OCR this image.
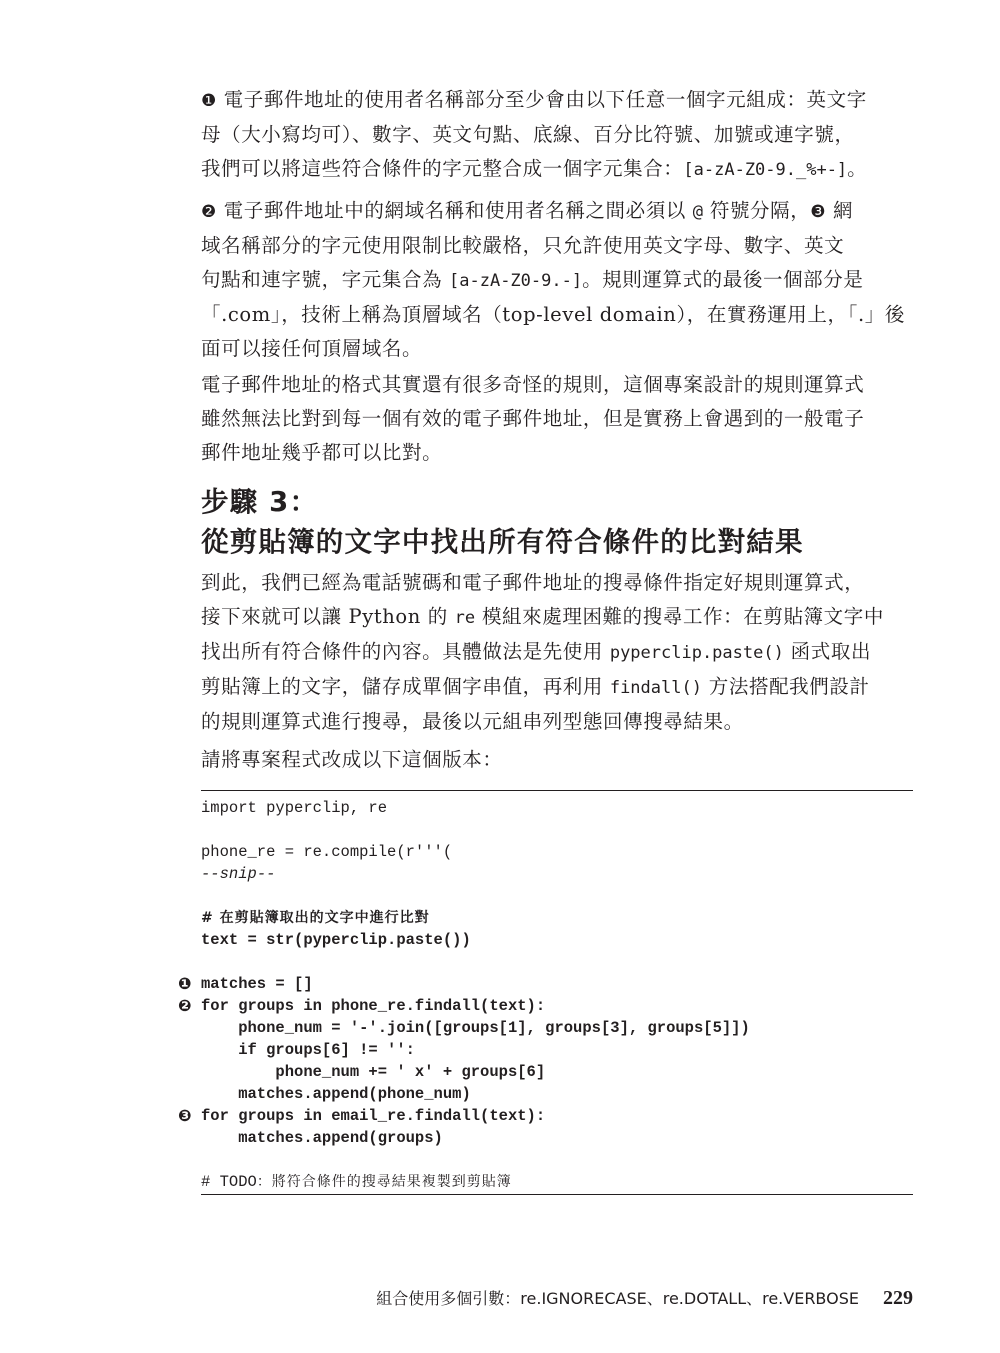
❶ 電子郵件地址的使用者名稱部分至少會由以下任意一個字元組成：英文字
母（大小寫均可）、數字、英文句點、底線、百分比符號、加號或連字號，
我們可以將這些符合條件的字元整合成一個字元集合：[a-zA-Z0-9._%+-]。
❷ 電子郵件地址中的網域名稱和使用者名稱之間必須以 @ 符號分隔，❸ 網
域名稱部分的字元使用限制比較嚴格，只允許使用英文字母、數字、英文
句點和連字號，字元集合為 [a-zA-Z0-9.-]。規則運算式的最後一個部分是
「.com」，技術上稱為頂層域名（top-level domain），在實務運用上，「.」後
面可以接任何頂層域名。
電子郵件地址的格式其實還有很多奇怪的規則，這個專案設計的規則運算式
雖然無法比對到每一個有效的電子郵件地址，但是實務上會遇到的一般電子
郵件地址幾乎都可以比對。
步驟 3：
從剪貼簿的文字中找出所有符合條件的比對結果
到此，我們已經為電話號碼和電子郵件地址的搜尋條件指定好規則運算式，
接下來就可以讓 Python 的 re 模組來處理困難的搜尋工作：在剪貼簿文字中
找出所有符合條件的內容。具體做法是先使用 pyperclip.paste() 函式取出
剪貼簿上的文字，儲存成單個字串值，再利用 findall() 方法搭配我們設計
的規則運算式進行搜尋，最後以元組串列型態回傳搜尋結果。
請將專案程式改成以下這個版本：
import pyperclip, re
phone_re = re.compile(r'''(
--snip--
# 在剪貼簿取出的文字中進行比對
text = str(pyperclip.paste())
❶ matches = []
❷ for groups in phone_re.findall(text):
phone_num = '-'.join([groups[1], groups[3], groups[5]])
if groups[6] != '':
phone_num += ' x' + groups[6]
matches.append(phone_num)
❸ for groups in email_re.findall(text):
matches.append(groups)
# TODO：將符合條件的搜尋結果複製到剪貼簿
組合使用多個引數：re.IGNORECASE、re.DOTALL、re.VERBOSE 229
